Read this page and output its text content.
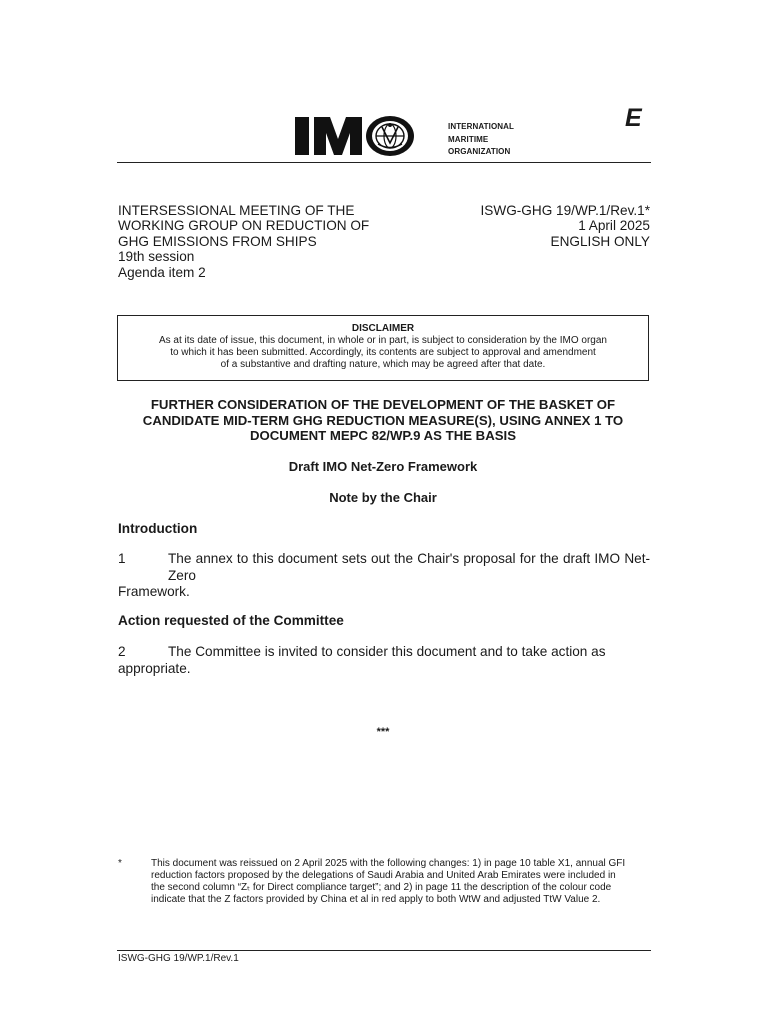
INTERNATIONAL
MARITIME
ORGANIZATION
E
INTERSESSIONAL MEETING OF THE
WORKING GROUP ON REDUCTION OF
GHG EMISSIONS FROM SHIPS
19th session
Agenda item 2
ISWG-GHG 19/WP.1/Rev.1*
1 April 2025
ENGLISH ONLY
DISCLAIMER
As at its date of issue, this document, in whole or in part, is subject to consideration by the IMO organ
to which it has been submitted. Accordingly, its contents are subject to approval and amendment
of a substantive and drafting nature, which may be agreed after that date.
FURTHER CONSIDERATION OF THE DEVELOPMENT OF THE BASKET OF
CANDIDATE MID-TERM GHG REDUCTION MEASURE(S), USING ANNEX 1 TO
DOCUMENT MEPC 82/WP.9 AS THE BASIS
Draft IMO Net-Zero Framework
Note by the Chair
Introduction
1	The annex to this document sets out the Chair's proposal for the draft IMO Net-Zero
Framework.
Action requested of the Committee
2	The Committee is invited to consider this document and to take action as appropriate.
***
*	This document was reissued on 2 April 2025 with the following changes: 1) in page 10 table X1, annual GFI
reduction factors proposed by the delegations of Saudi Arabia and United Arab Emirates were included in
the second column “Zₜ for Direct compliance target”; and 2) in page 11 the description of the colour code
indicate that the Z factors provided by China et al in red apply to both WtW and adjusted TtW Value 2.
ISWG-GHG 19/WP.1/Rev.1
